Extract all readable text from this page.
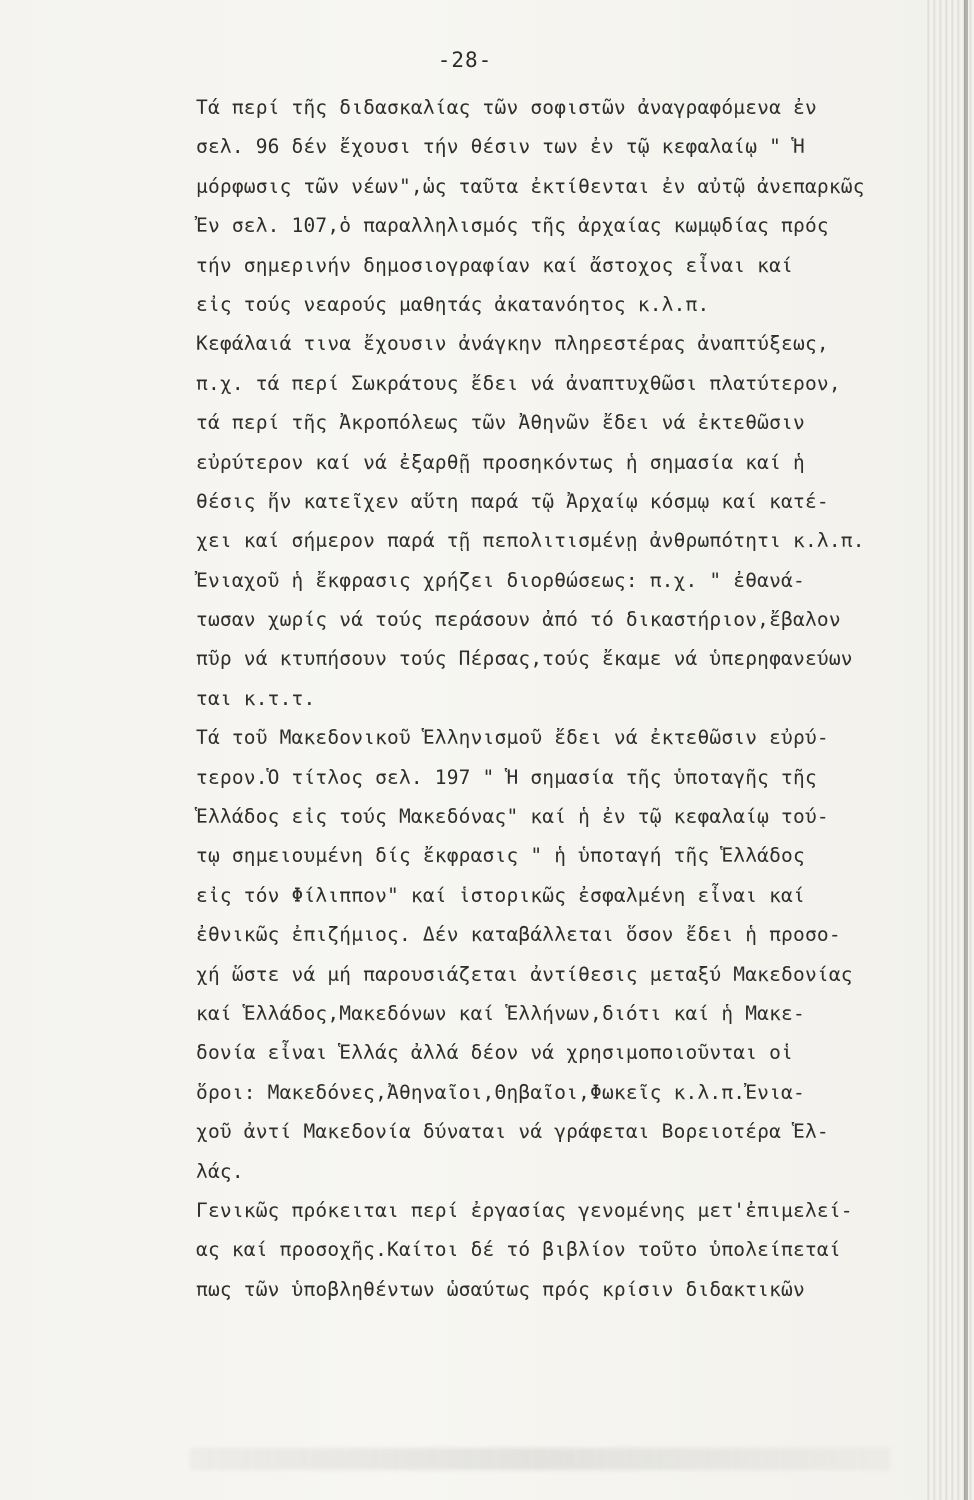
-28-
Τά περί τῆς διδασκαλίας τῶν σοφιστῶν ἀναγραφόμενα ἐν
σελ. 96 δέν ἔχουσι τήν θέσιν των ἐν τῷ κεφαλαίῳ " Ἡ
μόρφωσις τῶν νέων",ὡς ταῦτα ἐκτίθενται ἐν αὐτῷ ἀνεπαρκῶς
Ἐν σελ. 107,ὁ παραλληλισμός τῆς ἀρχαίας κωμῳδίας πρός
τήν σημερινήν δημοσιογραφίαν καί ἄστοχος εἶναι καί
εἰς τούς νεαρούς μαθητάς ἀκατανόητος κ.λ.π.
Κεφάλαιά τινα ἔχουσιν ἀνάγκην πληρεστέρας ἀναπτύξεως,
π.χ. τά περί Σωκράτους ἔδει νά ἀναπτυχθῶσι πλατύτερον,
τά περί τῆς Ἀκροπόλεως τῶν Ἀθηνῶν ἔδει νά ἐκτεθῶσιν
εὐρύτερον καί νά ἐξαρθῇ προσηκόντως ἡ σημασία καί ἡ
θέσις ἥν κατεῖχεν αὕτη παρά τῷ Ἀρχαίῳ κόσμῳ καί κατέ-
χει καί σήμερον παρά τῇ πεπολιτισμένῃ ἀνθρωπότητι κ.λ.π.
Ἐνιαχοῦ ἡ ἔκφρασις χρήζει διορθώσεως: π.χ. " ἐθανά-
τωσαν χωρίς νά τούς περάσουν ἀπό τό δικαστήριον,ἔβαλον
πῦρ νά κτυπήσουν τούς Πέρσας,τούς ἔκαμε νά ὑπερηφανεύων
ται κ.τ.τ.
Τά τοῦ Μακεδονικοῦ Ἑλληνισμοῦ ἔδει νά ἐκτεθῶσιν εὐρύ-
τερον.Ὁ τίτλος σελ. 197 " Ἡ σημασία τῆς ὑποταγῆς τῆς
Ἑλλάδος εἰς τούς Μακεδόνας" καί ἡ ἐν τῷ κεφαλαίῳ τού-
τῳ σημειουμένη δίς ἔκφρασις " ἡ ὑποταγή τῆς Ἑλλάδος
εἰς τόν Φίλιππον" καί ἱστορικῶς ἐσφαλμένη εἶναι καί
ἐθνικῶς ἐπιζήμιος. Δέν καταβάλλεται ὅσον ἔδει ἡ προσο-
χή ὥστε νά μή παρουσιάζεται ἀντίθεσις μεταξύ Μακεδονίας
καί Ἑλλάδος,Μακεδόνων καί Ἑλλήνων,διότι καί ἡ Μακε-
δονία εἶναι Ἑλλάς ἀλλά δέον νά χρησιμοποιοῦνται οἱ
ὅροι: Μακεδόνες,Ἀθηναῖοι,Θηβαῖοι,Φωκεῖς κ.λ.π.Ἐνια-
χοῦ ἀντί Μακεδονία δύναται νά γράφεται Βορειοτέρα Ἑλ-
λάς.
Γενικῶς πρόκειται περί ἐργασίας γενομένης μετ'ἐπιμελεί-
ας καί προσοχῆς.Καίτοι δέ τό βιβλίον τοῦτο ὑπολείπεταί
πως τῶν ὑποβληθέντων ὡσαύτως πρός κρίσιν διδακτικῶν
